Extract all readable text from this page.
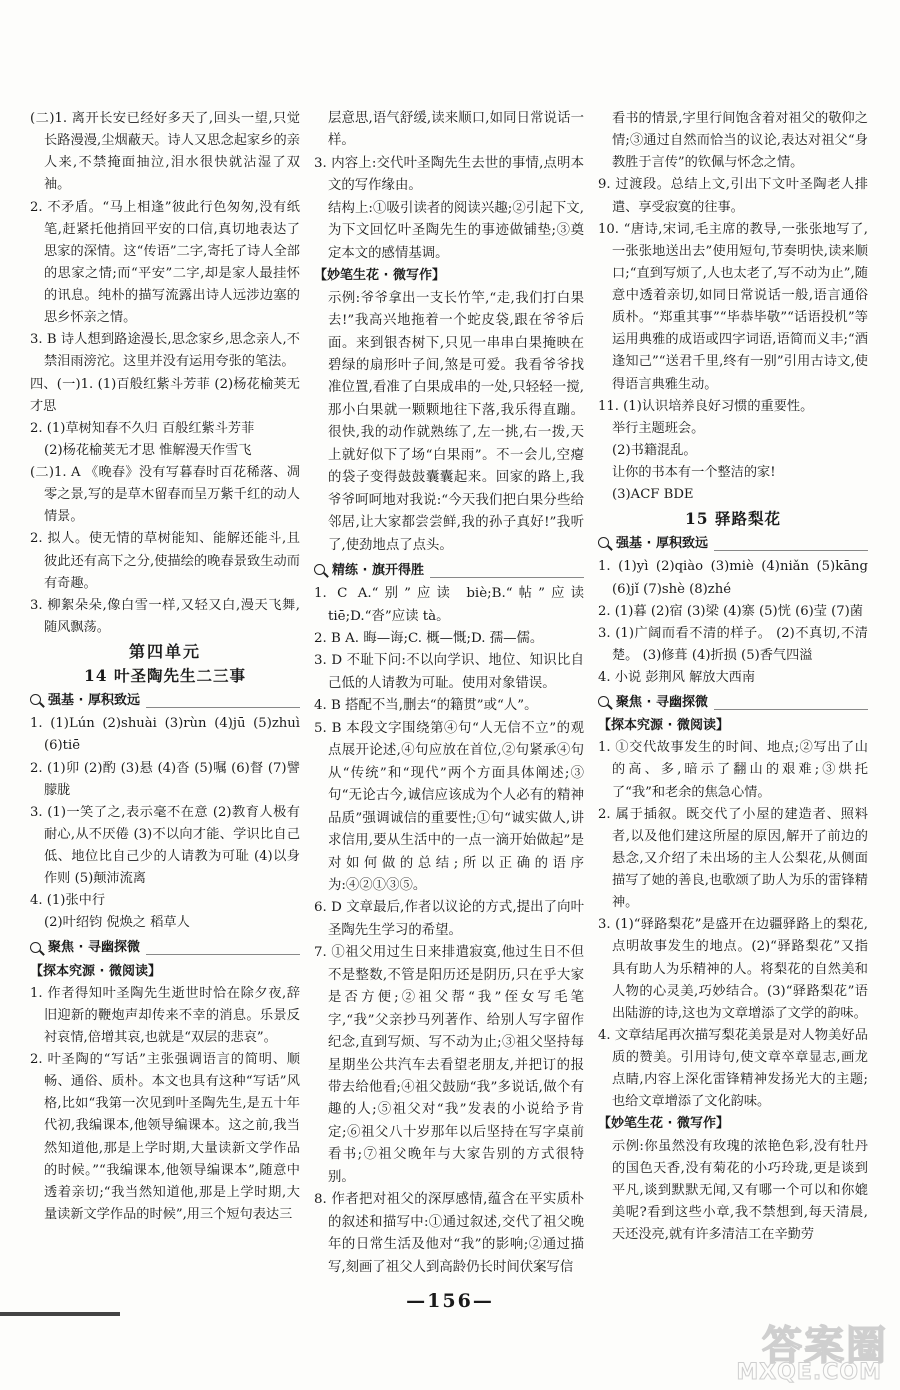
(二)1. 离开长安已经好多天了,回头一望,只觉长路漫漫,尘烟蔽天。诗人又思念起家乡的亲人来,不禁掩面抽泣,泪水很快就沾湿了双袖。

2. 不矛盾。“马上相逢”彼此行色匆匆,没有纸笔,赶紧托他捎回平安的口信,真切地表达了思家的深情。这“传语”二字,寄托了诗人全部的思家之情;而“平安”二字,却是家人最挂怀的讯息。纯朴的描写流露出诗人远涉边塞的思乡怀亲之情。

3. B 诗人想到路途漫长,思念家乡,思念亲人,不禁泪雨滂沱。这里并没有运用夸张的笔法。

四、(一)1. (1)百般红紫斗芳菲 (2)杨花榆荚无才思

2. (1)草树知春不久归 百般红紫斗芳菲

(2)杨花榆荚无才思 惟解漫天作雪飞

(二)1. A 《晚春》没有写暮春时百花稀落、凋零之景,写的是草木留春而呈万紫千红的动人情景。

2. 拟人。使无情的草树能知、能解还能斗,且彼此还有高下之分,使描绘的晚春景致生动而有奇趣。

3. 柳絮朵朵,像白雪一样,又轻又白,漫天飞舞,随风飘荡。

第四单元
14 叶圣陶先生二三事
强基 · 厚积致远

1. (1)Lún (2)shuài (3)rùn (4)jū (5)zhuì (6)tiē

2. (1)卯 (2)酌 (3)悬 (4)沓 (5)嘱 (6)督 (7)譬 朦胧

3. (1)一笑了之,表示毫不在意 (2)教育人极有耐心,从不厌倦 (3)不以向才能、学识比自己低、地位比自己少的人请教为可耻 (4)以身作则 (5)颠沛流离

4. (1)张中行

(2)叶绍钧 倪焕之 稻草人

聚焦 · 寻幽探微
【探本究源 · 微阅读】

1. 作者得知叶圣陶先生逝世时恰在除夕夜,辞旧迎新的鞭炮声却传来不幸的消息。乐景反衬哀情,倍增其哀,也就是“双层的悲哀”。

2. 叶圣陶的“写话”主张强调语言的简明、顺畅、通俗、质朴。本文也具有这种“写话”风格,比如“我第一次见到叶圣陶先生,是五十年代初,我编课本,他领导编课本。这之前,我当然知道他,那是上学时期,大量读新文学作品的时候。”“我编课本,他领导编课本”,随意中透着亲切;“我当然知道他,那是上学时期,大量读新文学作品的时候”,用三个短句表达三

层意思,语气舒缓,读来顺口,如同日常说话一样。

3. 内容上:交代叶圣陶先生去世的事情,点明本文的写作缘由。

结构上:①吸引读者的阅读兴趣;②引起下文,为下文回忆叶圣陶先生的事迹做铺垫;③奠定本文的感情基调。

【妙笔生花 · 微写作】

示例:爷爷拿出一支长竹竿,“走,我们打白果去!”我高兴地拖着一个蛇皮袋,跟在爷爷后面。来到银杏树下,只见一串串白果掩映在碧绿的扇形叶子间,煞是可爱。我看爷爷找准位置,看准了白果成串的一处,只轻轻一搅,那小白果就一颗颗地往下落,我乐得直蹦。很快,我的动作就熟练了,左一挑,右一拨,天上就好似下了场“白果雨”。不一会儿,空瘪的袋子变得鼓鼓囊囊起来。回家的路上,我爷爷呵呵地对我说:“今天我们把白果分些给邻居,让大家都尝尝鲜,我的孙子真好!”我听了,使劲地点了点头。

精练 · 旗开得胜

1. C A.“别”应读 biè;B.“帖”应读 tiē;D.“沓”应读 tà。

2. B A. 晦—诲;C. 概—慨;D. 孺—儒。

3. D 不耻下问:不以向学识、地位、知识比自己低的人请教为可耻。使用对象错误。

4. B 搭配不当,删去“的籍贯”或“人”。

5. B 本段文字围绕第④句“人无信不立”的观点展开论述,④句应放在首位,②句紧承④句从“传统”和“现代”两个方面具体阐述;③句“无论古今,诚信应该成为个人必有的精神品质”强调诚信的重要性;①句“诚实做人,讲求信用,要从生活中的一点一滴开始做起”是对如何做的总结;所以正确的语序为:④②①③⑤。

6. D 文章最后,作者以议论的方式,提出了向叶圣陶先生学习的希望。

7. ①祖父用过生日来排遣寂寞,他过生日不但不是整数,不管是阳历还是阴历,只在乎大家是否方便;②祖父帮“我”侄女写毛笔字,“我”父亲抄马列著作、给别人写字留作纪念,直到写烦、写不动为止;③祖父坚持每星期坐公共汽车去看望老朋友,并把订的报带去给他看;④祖父鼓励“我”多说话,做个有趣的人;⑤祖父对“我”发表的小说给予肯定;⑥祖父八十岁那年以后坚持在写字桌前看书;⑦祖父晚年与大家告别的方式很特别。

8. 作者把对祖父的深厚感情,蕴含在平实质朴的叙述和描写中:①通过叙述,交代了祖父晚年的日常生活及他对“我”的影响;②通过描写,刻画了祖父人到高龄仍长时间伏案写信

看书的情景,字里行间饱含着对祖父的敬仰之情;③通过自然而恰当的议论,表达对祖父“身教胜于言传”的钦佩与怀念之情。

9. 过渡段。总结上文,引出下文叶圣陶老人排遣、享受寂寞的往事。

10. “唐诗,宋词,毛主席的教导,一张张地写了,一张张地送出去”使用短句,节奏明快,读来顺口;“直到写烦了,人也太老了,写不动为止”,随意中透着亲切,如同日常说话一般,语言通俗质朴。“郑重其事”“毕恭毕敬”“话语投机”等运用典雅的成语或四字词语,语简而义丰;“酒逢知己”“送君千里,终有一别”引用古诗文,使得语言典雅生动。

11. (1)认识培养良好习惯的重要性。

举行主题班会。

(2)书籍混乱。

让你的书本有一个整洁的家!

(3)ACF BDE

15 驿路梨花
强基 · 厚积致远

1. (1)yì (2)qiào (3)miè (4)niǎn (5)kāng (6)jǐ (7)shè (8)zhé

2. (1)暮 (2)宿 (3)梁 (4)寨 (5)恍 (6)莹 (7)菌

3. (1)广阔而看不清的样子。 (2)不真切,不清楚。 (3)修葺 (4)折损 (5)香气四溢

4. 小说 彭荆风 解放大西南

聚焦 · 寻幽探微
【探本究源 · 微阅读】

1. ①交代故事发生的时间、地点;②写出了山的高、多,暗示了翻山的艰难;③烘托了“我”和老余的焦急心情。

2. 属于插叙。既交代了小屋的建造者、照料者,以及他们建这所屋的原因,解开了前边的悬念,又介绍了未出场的主人公梨花,从侧面描写了她的善良,也歌颂了助人为乐的雷锋精神。

3. (1)“驿路梨花”是盛开在边疆驿路上的梨花,点明故事发生的地点。(2)“驿路梨花”又指具有助人为乐精神的人。将梨花的自然美和人物的心灵美,巧妙结合。(3)“驿路梨花”语出陆游的诗,这也为文章增添了文学的韵味。

4. 文章结尾再次描写梨花美景是对人物美好品质的赞美。引用诗句,使文章卒章显志,画龙点睛,内容上深化雷锋精神发扬光大的主题;也给文章增添了文化韵味。

【妙笔生花 · 微写作】

示例:你虽然没有玫瑰的浓艳色彩,没有牡丹的国色天香,没有菊花的小巧玲珑,更是谈到平凡,谈到默默无闻,又有哪一个可以和你媲美呢?看到这些小章,我不禁想到,每天清晨,天还没亮,就有许多清洁工在辛勤劳

—156—
答案圈
MXQE.COM
